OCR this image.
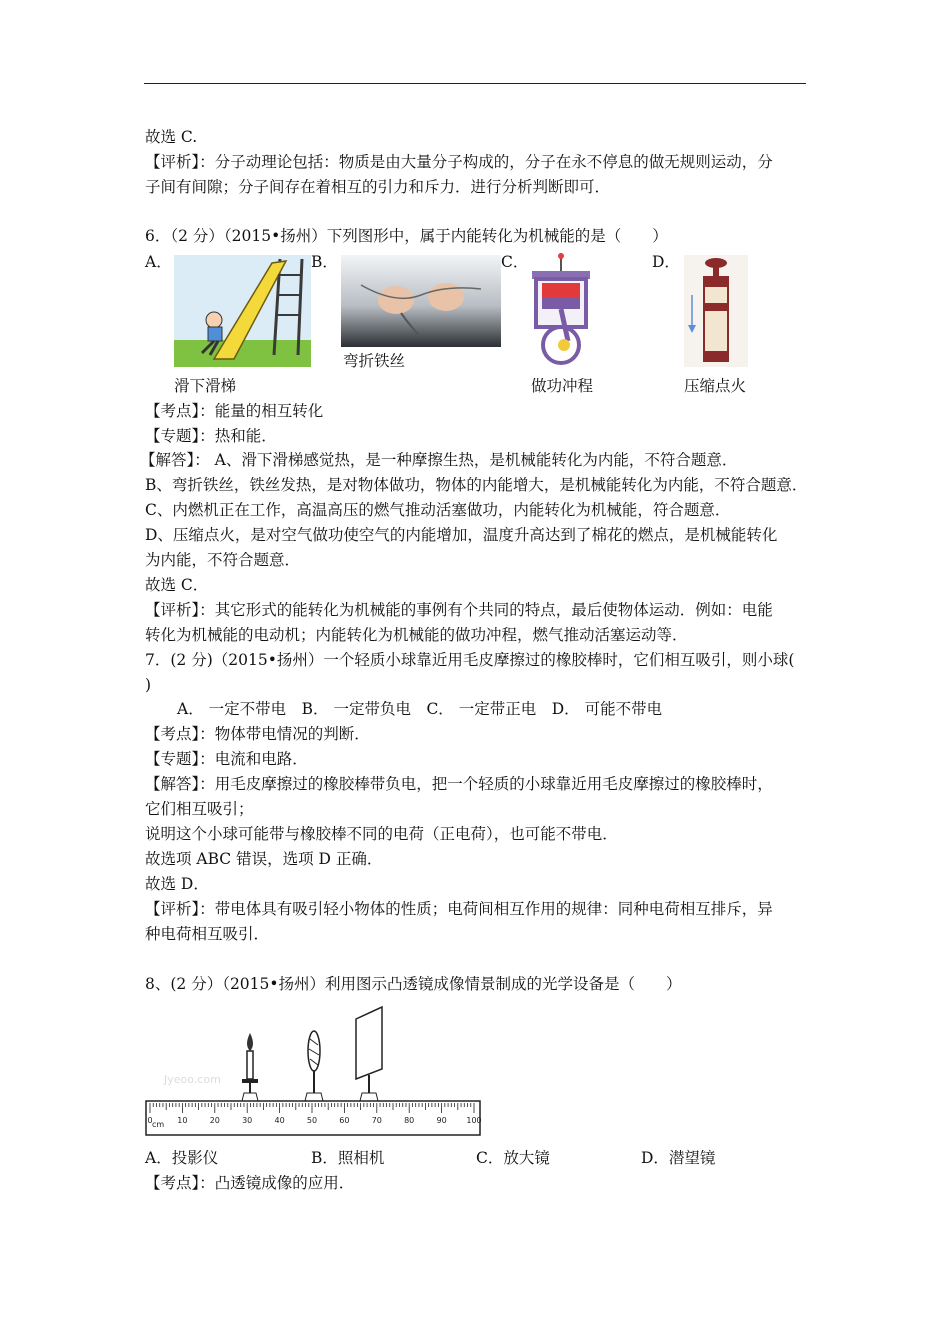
故选 C.
【评析】：分子动理论包括：物质是由大量分子构成的，分子在永不停息的做无规则运动，分
子间有间隙；分子间存在着相互的引力和斥力．进行分析判断即可．
6．（2 分）（2015•扬州）下列图形中，属于内能转化为机械能的是（　　）
A．	B．	C．	D．
滑下滑梯
弯折铁丝
做功冲程	压缩点火
【考点】：能量的相互转化
【专题】：热和能．
【解答】： A、滑下滑梯感觉热，是一种摩擦生热，是机械能转化为内能，不符合题意．
B、弯折铁丝，铁丝发热，是对物体做功，物体的内能增大，是机械能转化为内能，不符合题意．
C、内燃机正在工作，高温高压的燃气推动活塞做功，内能转化为机械能，符合题意．
D、压缩点火，是对空气做功使空气的内能增加，温度升高达到了棉花的燃点，是机械能转化
为内能，不符合题意．
故选 C．
【评析】：其它形式的能转化为机械能的事例有个共同的特点，最后使物体运动．例如：电能
转化为机械能的电动机；内能转化为机械能的做功冲程，燃气推动活塞运动等．
7．(2 分)（2015•扬州）一个轻质小球靠近用毛皮摩擦过的橡胶棒时，它们相互吸引，则小球(
)
A． 一定不带电　B． 一定带负电　C． 一定带正电　D． 可能不带电
【考点】：物体带电情况的判断．
【专题】：电流和电路．
【解答】：用毛皮摩擦过的橡胶棒带负电，把一个轻质的小球靠近用毛皮摩擦过的橡胶棒时，
它们相互吸引；
说明这个小球可能带与橡胶棒不同的电荷（正电荷），也可能不带电．
故选项 ABC 错误，选项 D 正确．
故选 D．
【评析】：带电体具有吸引轻小物体的性质；电荷间相互作用的规律：同种电荷相互排斥，异
种电荷相互吸引．
8、(2 分）（2015•扬州）利用图示凸透镜成像情景制成的光学设备是（　　）
Jyeoo.com
0	10	20	30	40	50	60	70	80	90 100
cm
A．投影仪	B．照相机	C．放大镜	D．潜望镜
【考点】：凸透镜成像的应用．
